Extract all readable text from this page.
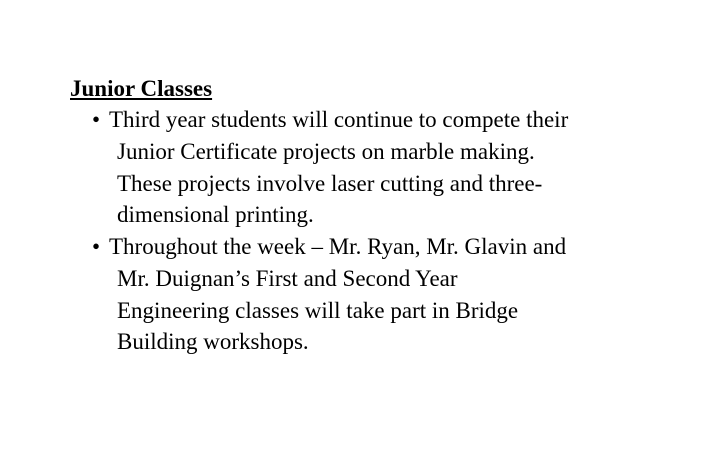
Junior Classes
• Third year students will continue to compete their
Junior Certificate projects on marble making.
These projects involve laser cutting and three-
dimensional printing.
• Throughout the week – Mr. Ryan, Mr. Glavin and
Mr. Duignan’s First and Second Year
Engineering classes will take part in Bridge
Building workshops.
